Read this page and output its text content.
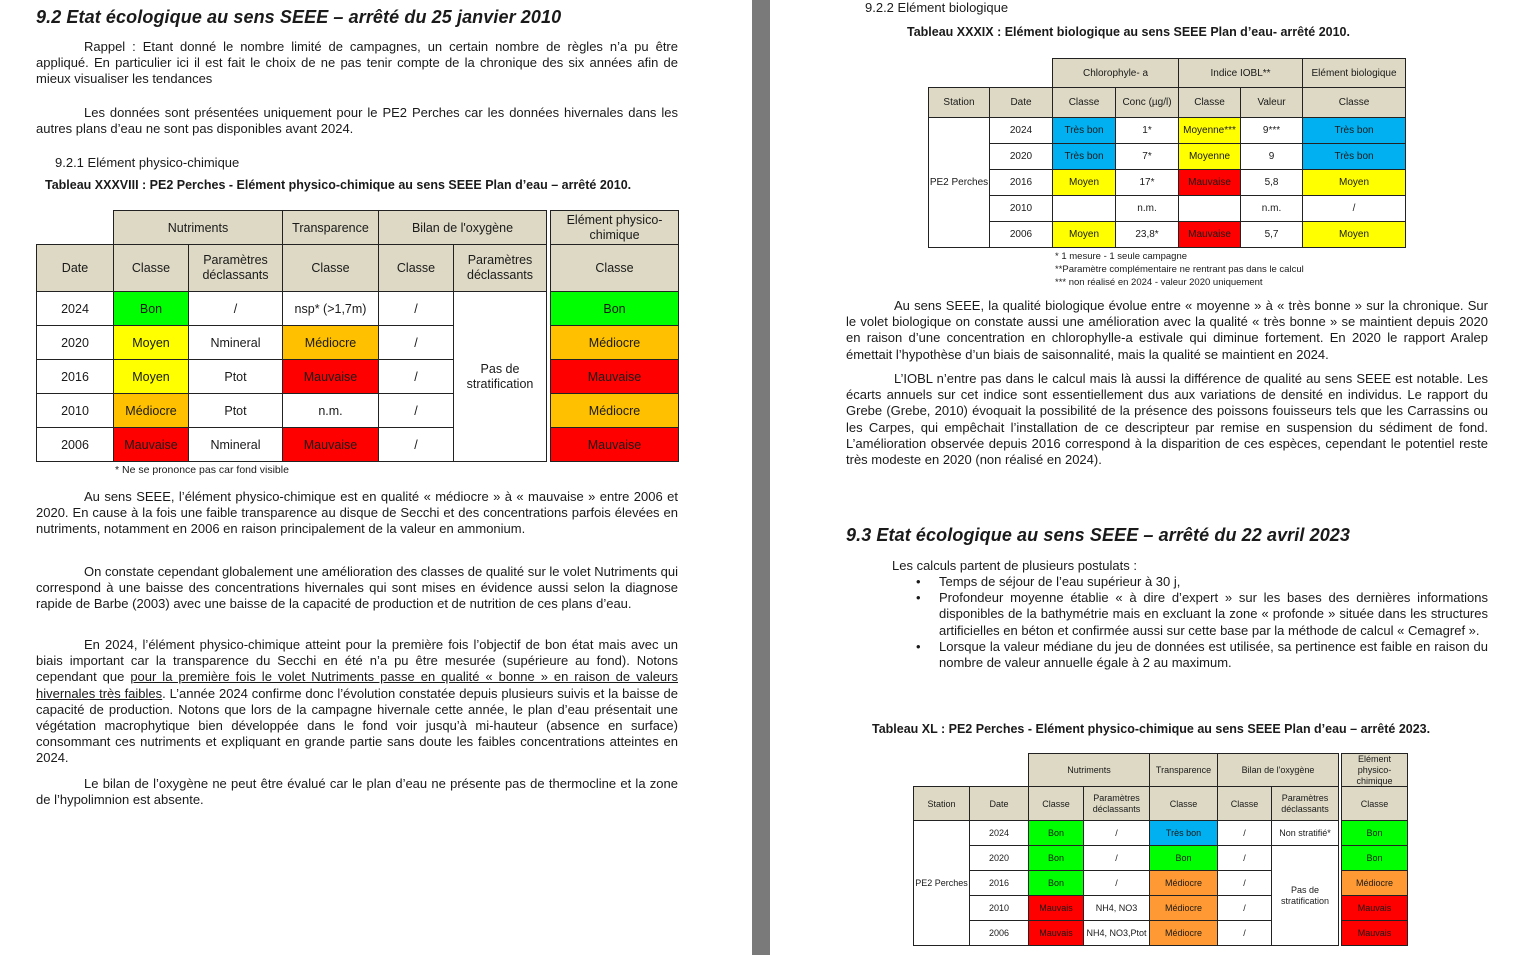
9.2 Etat écologique au sens SEEE – arrêté du 25 janvier 2010

Rappel : Etant donné le nombre limité de campagnes, un certain nombre de règles n’a pu être appliqué. En particulier ici il est fait le choix de ne pas tenir compte de la chronique des six années afin de mieux visualiser les tendances

Les données sont présentées uniquement pour le PE2 Perches car les données hivernales dans les autres plans d’eau ne sont pas disponibles avant 2024.

9.2.1 Elément physico-chimique
Tableau XXXVIII : PE2 Perches - Elément physico-chimique au sens SEEE Plan d’eau – arrêté 2010.
	Nutriments		Transparence	Bilan de l'oxygène			Elément physico-chimique
Date	Classe	Paramètres déclassants	Classe	Classe	Paramètres déclassants		Classe
2024	Bon	/	nsp* (>1,7m)	/	Pas de stratification		Bon
2020	Moyen	Nmineral	Médiocre	/			Médiocre
2016	Moyen	Ptot	Mauvaise	/			Mauvaise
2010	Médiocre	Ptot	n.m.	/			Médiocre
2006	Mauvaise	Nmineral	Mauvaise	/			Mauvaise
* Ne se prononce pas car fond visible

Au sens SEEE, l’élément physico-chimique est en qualité « médiocre » à « mauvaise » entre 2006 et 2020. En cause à la fois une faible transparence au disque de Secchi et des concentrations parfois élevées en nutriments, notamment en 2006 en raison principalement de la valeur en ammonium.

On constate cependant globalement une amélioration des classes de qualité sur le volet Nutriments qui correspond à une baisse des concentrations hivernales qui sont mises en évidence aussi selon la diagnose rapide de Barbe (2003) avec une baisse de la capacité de production et de nutrition de ces plans d’eau.

En 2024, l’élément physico-chimique atteint pour la première fois l’objectif de bon état mais avec un biais important car la transparence du Secchi en été n’a pu être mesurée (supérieure au fond). Notons cependant que pour la première fois le volet Nutriments passe en qualité « bonne » en raison de valeurs hivernales très faibles. L’année 2024 confirme donc l’évolution constatée depuis plusieurs suivis et la baisse de capacité de production. Notons que lors de la campagne hivernale cette année, le plan d’eau présentait une végétation macrophytique bien développée dans le fond voir jusqu’à mi-hauteur (absence en surface) consommant ces nutriments et expliquant en grande partie sans doute les faibles concentrations atteintes en 2024.

Le bilan de l’oxygène ne peut être évalué car le plan d’eau ne présente pas de thermocline et la zone de l’hypolimnion est absente.

9.2.2 Elément biologique
Tableau XXXIX : Elément biologique au sens SEEE Plan d’eau- arrêté 2010.
		Chlorophyle- a		Indice IOBL**		Elément biologique
Station	Date	Classe	Conc (µg/l)	Classe	Valeur	Classe
PE2 Perches	2024	Très bon	1*	Moyenne***	9***	Très bon
	2020	Très bon	7*	Moyenne	9	Très bon
	2016	Moyen	17*	Mauvaise	5,8	Moyen
	2010		n.m.		n.m.	/
	2006	Moyen	23,8*	Mauvaise	5,7	Moyen
* 1 mesure - 1 seule campagne
**Paramètre complémentaire ne rentrant pas dans le calcul
*** non réalisé en 2024 - valeur 2020 uniquement

Au sens SEEE, la qualité biologique évolue entre « moyenne » à « très bonne » sur la chronique. Sur le volet biologique on constate aussi une amélioration avec la qualité « très bonne » se maintient depuis 2020 en raison d’une concentration en chlorophylle-a estivale qui diminue fortement. En 2020 le rapport Aralep émettait l’hypothèse d’un biais de saisonnalité, mais la qualité se maintient en 2024.

L’IOBL n’entre pas dans le calcul mais là aussi la différence de qualité au sens SEEE est notable. Les écarts annuels sur cet indice sont essentiellement dus aux variations de densité en individus. Le rapport du Grebe (Grebe, 2010) évoquait la possibilité de la présence des poissons fouisseurs tels que les Carrassins ou les Carpes, qui empêchait l’installation de ce descripteur par remise en suspension du sédiment de fond. L’amélioration observée depuis 2016 correspond à la disparition de ces espèces, cependant le potentiel reste très modeste en 2020 (non réalisé en 2024).

9.3 Etat écologique au sens SEEE – arrêté du 22 avril 2023
Les calculs partent de plusieurs postulats :
• Temps de séjour de l’eau supérieur à 30 j,
• Profondeur moyenne établie « à dire d’expert » sur les bases des dernières informations disponibles de la bathymétrie mais en excluant la zone « profonde » située dans les structures artificielles en béton et confirmée aussi sur cette base par la méthode de calcul « Cemagref ».
• Lorsque la valeur médiane du jeu de données est utilisée, sa pertinence est faible en raison du nombre de valeur annuelle égale à 2 au maximum.
Tableau XL : PE2 Perches - Elément physico-chimique au sens SEEE Plan d’eau – arrêté 2023.
		Nutriments		Transparence	Bilan de l'oxygène			Elément physico-chimique
Station	Date	Classe	Paramètres déclassants	Classe	Classe	Paramètres déclassants		Classe
PE2 Perches	2024	Bon	/	Très bon	/	Non stratifié*		Bon
	2020	Bon	/	Bon	/	Pas de stratification		Bon
	2016	Bon	/	Médiocre	/			Médiocre
	2010	Mauvais	NH4, NO3	Médiocre	/			Mauvais
	2006	Mauvais	NH4, NO3,Ptot	Médiocre	/			Mauvais
